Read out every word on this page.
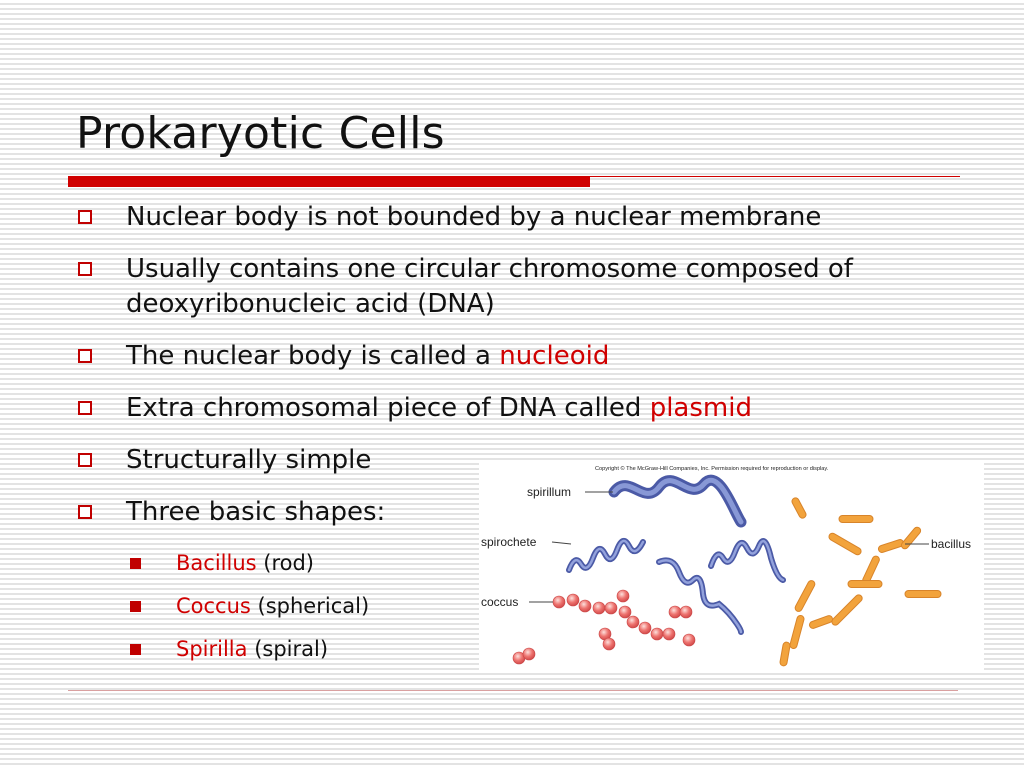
Prokaryotic Cells
Nuclear body is not bounded by a nuclear membrane
Usually contains one circular chromosome composed of deoxyribonucleic acid (DNA)
The nuclear body is called a nucleoid
Extra chromosomal piece of DNA called plasmid
Structurally simple
Three basic shapes:
Bacillus (rod)
Coccus (spherical)
Spirilla (spiral)
Copyright © The McGraw-Hill Companies, Inc. Permission required for reproduction or display.
spirillum
spirochete
coccus
bacillus
